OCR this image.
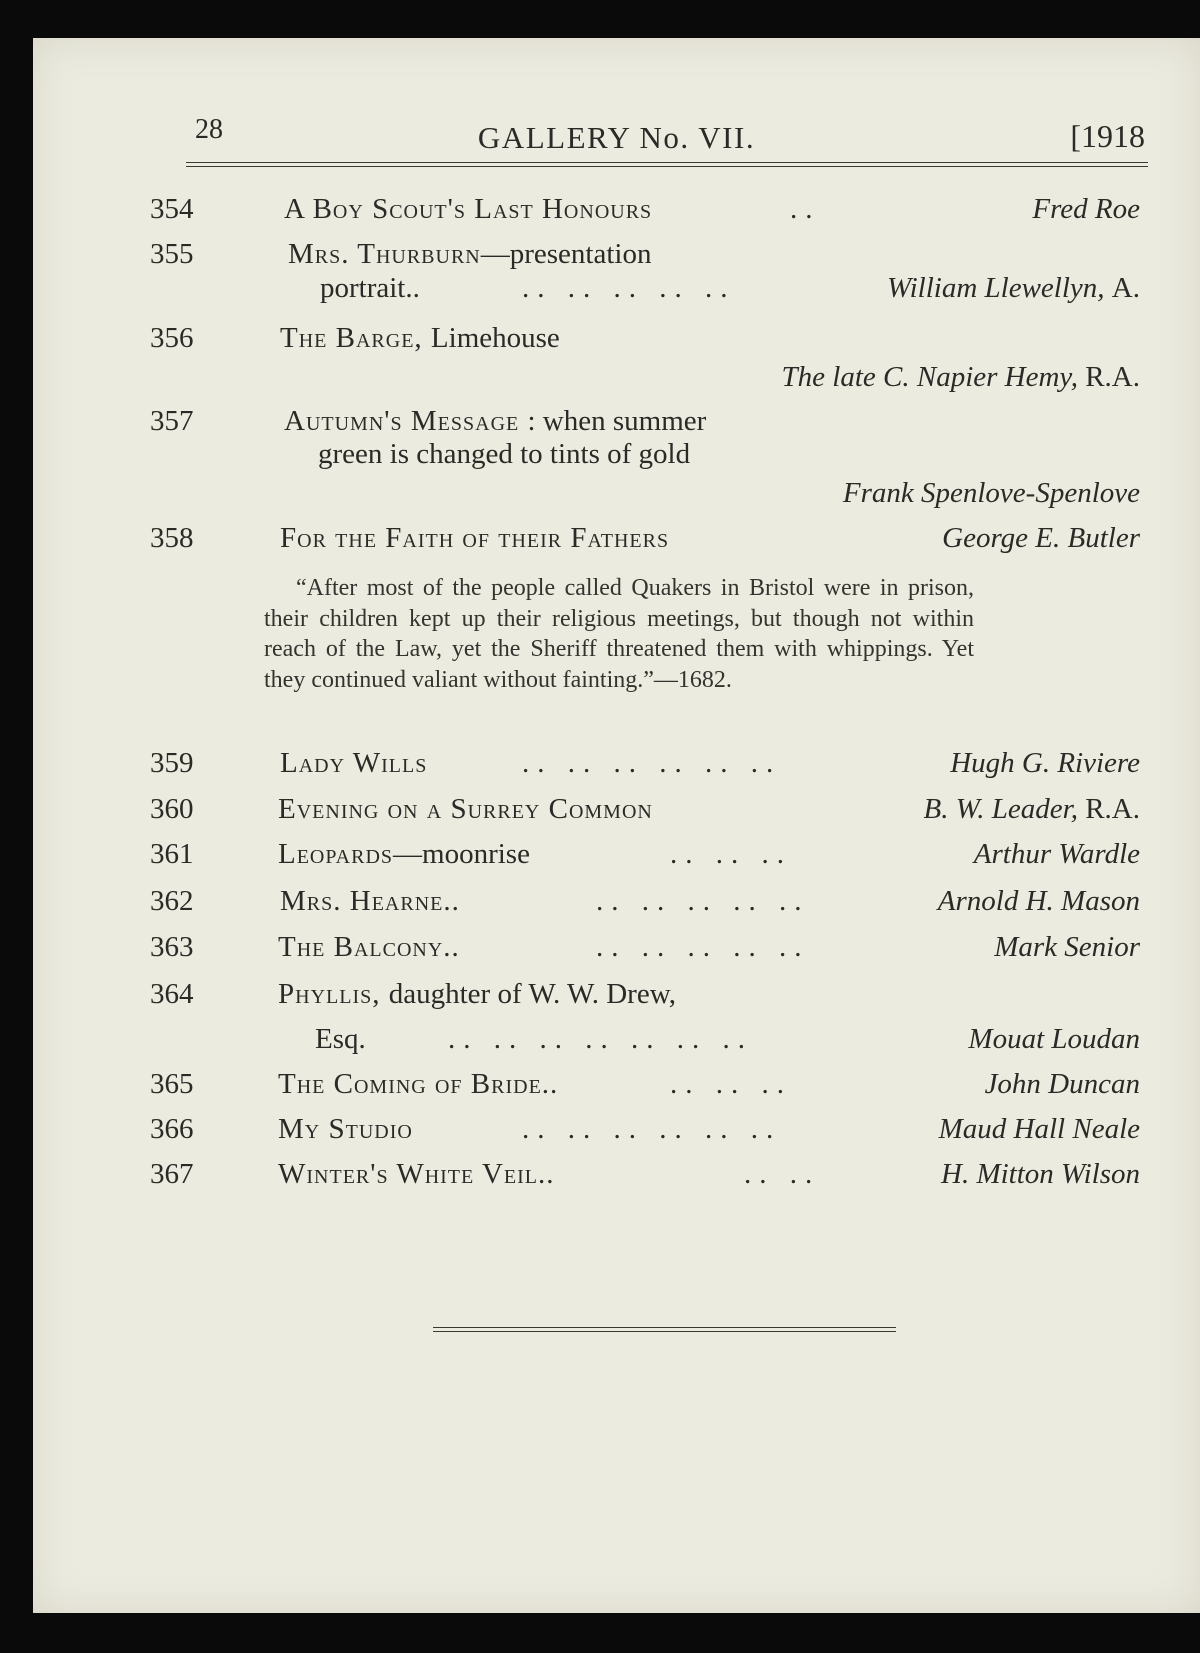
28	GALLERY No. VII.	[1918
354	A Boy Scout's Last Honours	..	Fred Roe
355	Mrs. Thurburn—presentation
portrait..	.. .. .. .. ..	William Llewellyn, A.
356	The Barge, Limehouse
The late C. Napier Hemy, R.A.
357	Autumn's Message : when summer
green is changed to tints of gold
Frank Spenlove-Spenlove
358	For the Faith of their Fathers	George E. Butler
“After most of the people called Quakers in Bristol were in prison, their children kept up their religious meetings, but though not within reach of the Law, yet the Sheriff threatened them with whippings. Yet they continued valiant without fainting.”—1682.
359	Lady Wills	.. .. .. .. .. ..	Hugh G. Riviere
360	Evening on a Surrey Common	B. W. Leader, R.A.
361	Leopards—moonrise	.. .. ..	Arthur Wardle
362	Mrs. Hearne..	.. .. .. .. ..	Arnold H. Mason
363	The Balcony..	.. .. .. .. ..	Mark Senior
364	Phyllis, daughter of W. W. Drew,
Esq.	.. .. .. .. .. .. ..	Mouat Loudan
365	The Coming of Bride..	.. .. ..	John Duncan
366	My Studio	.. .. .. .. .. ..	Maud Hall Neale
367	Winter's White Veil..	.. ..	H. Mitton Wilson
